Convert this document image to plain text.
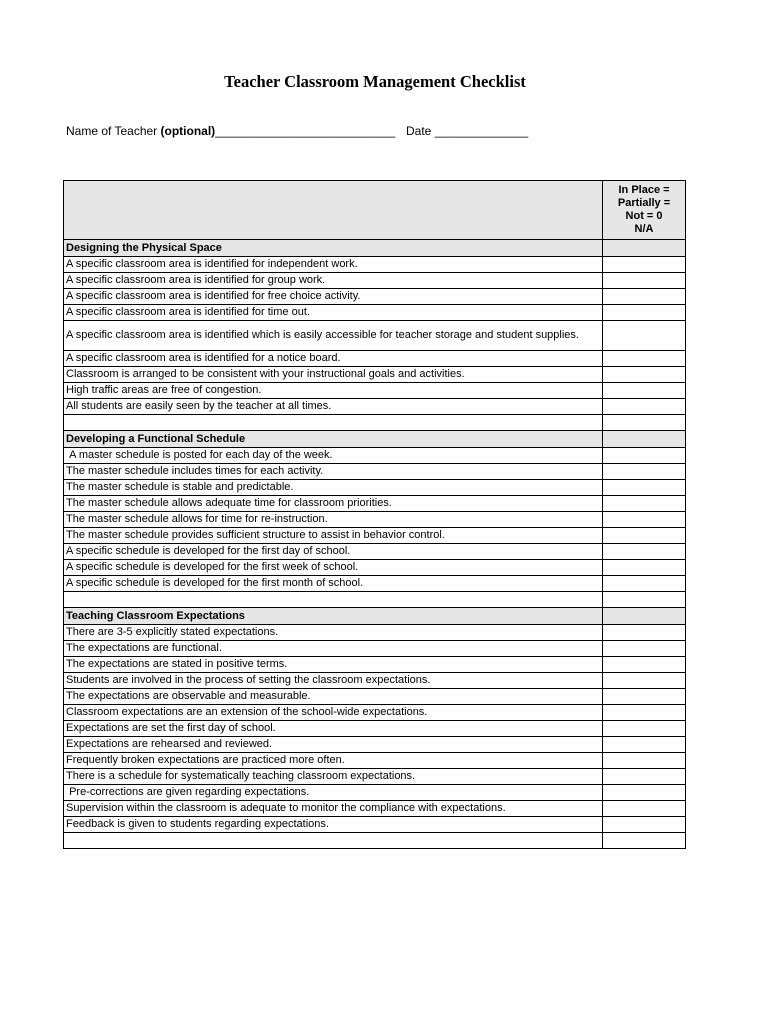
Teacher Classroom Management Checklist
Name of Teacher (optional)___________________________ Date ______________

	In Place =
Partially =
Not = 0
N/A

Designing the Physical Space	
A specific classroom area is identified for independent work.	
A specific classroom area is identified for group work.	
A specific classroom area is identified for free choice activity.	
A specific classroom area is identified for time out.	
A specific classroom area is identified which is easily accessible for teacher storage and student supplies.	
A specific classroom area is identified for a notice board.	
Classroom is arranged to be consistent with your instructional goals and activities.	
High traffic areas are free of congestion.	
All students are easily seen by the teacher at all times.	

Developing a Functional Schedule	
A master schedule is posted for each day of the week.	
The master schedule includes times for each activity.	
The master schedule is stable and predictable.	
The master schedule allows adequate time for classroom priorities.	
The master schedule allows for time for re-instruction.	
The master schedule provides sufficient structure to assist in behavior control.	
A specific schedule is developed for the first day of school.	
A specific schedule is developed for the first week of school.	
A specific schedule is developed for the first month of school.	

Teaching Classroom Expectations	
There are 3-5 explicitly stated expectations.	
The expectations are functional.	
The expectations are stated in positive terms.	
Students are involved in the process of setting the classroom expectations.	
The expectations are observable and measurable.	
Classroom expectations are an extension of the school-wide expectations.	
Expectations are set the first day of school.	
Expectations are rehearsed and reviewed.	
Frequently broken expectations are practiced more often.	
There is a schedule for systematically teaching classroom expectations.	
Pre-corrections are given regarding expectations.	
Supervision within the classroom is adequate to monitor the compliance with expectations.	
Feedback is given to students regarding expectations.	
